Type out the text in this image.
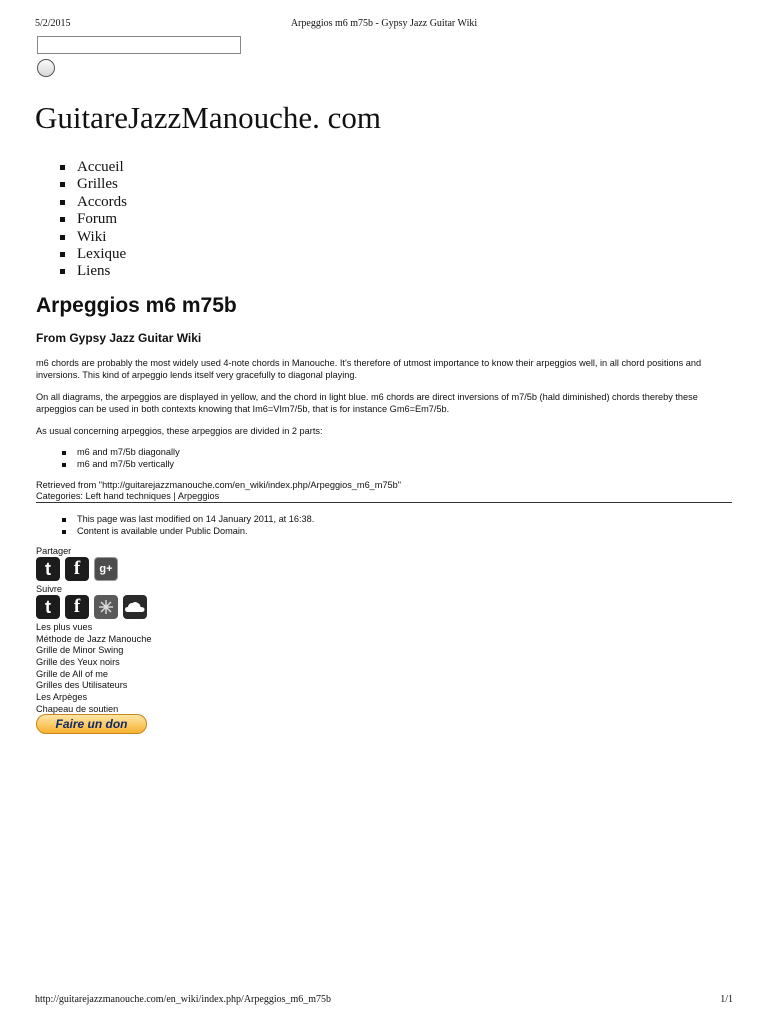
5/2/2015	Arpeggios m6 m75b - Gypsy Jazz Guitar Wiki
GuitareJazzManouche. com
Accueil
Grilles
Accords
Forum
Wiki
Lexique
Liens
Arpeggios m6 m75b
From Gypsy Jazz Guitar Wiki

m6 chords are probably the most widely used 4-note chords in Manouche. It's therefore of utmost importance to know their arpeggios well, in all chord positions and inversions. This kind of arpeggio lends itself very gracefully to diagonal playing.

On all diagrams, the arpeggios are displayed in yellow, and the chord in light blue. m6 chords are direct inversions of m7/5b (hald diminished) chords thereby these arpeggios can be used in both contexts knowing that Im6=VIm7/5b, that is for instance Gm6=Em7/5b.

As usual concerning arpeggios, these arpeggios are divided in 2 parts:

m6 and m7/5b diagonally
m6 and m7/5b vertically
Retrieved from "http://guitarejazzmanouche.com/en_wiki/index.php/Arpeggios_m6_m75b"
Categories: Left hand techniques | Arpeggios
This page was last modified on 14 January 2011, at 16:38.
Content is available under Public Domain.
Partager
t	f	g+
Suivre
t	f
Les plus vues
Méthode de Jazz Manouche
Grille de Minor Swing
Grille des Yeux noirs
Grille de All of me
Grilles des Utilisateurs
Les Arpèges
Chapeau de soutien
Faire un don
http://guitarejazzmanouche.com/en_wiki/index.php/Arpeggios_m6_m75b	1/1
